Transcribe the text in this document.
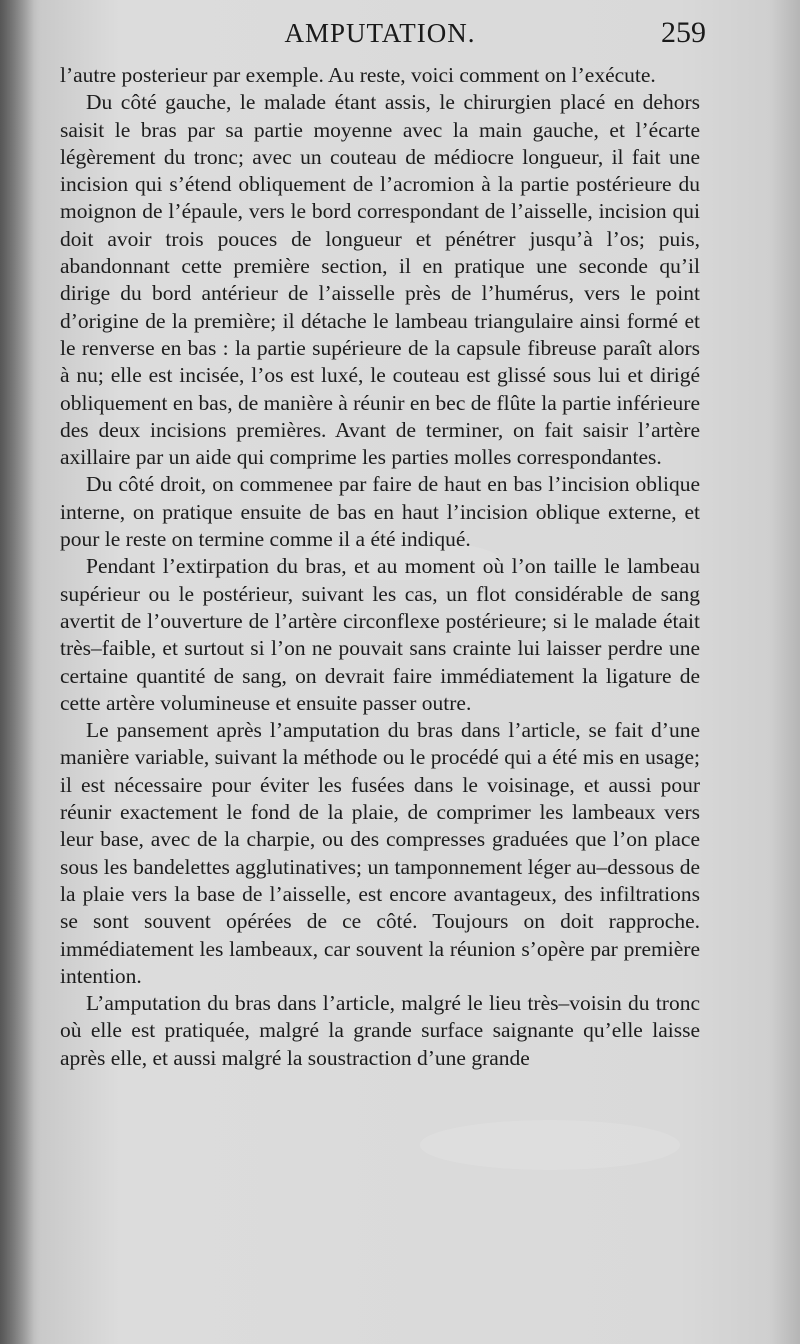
AMPUTATION.	259

l’autre posterieur par exemple. Au reste, voici comment on l’exécute.

Du côté gauche, le malade étant assis, le chirurgien placé en dehors saisit le bras par sa partie moyenne avec la main gauche, et l’écarte légèrement du tronc; avec un couteau de médiocre longueur, il fait une incision qui s’étend obliquement de l’acromion à la partie postérieure du moignon de l’épaule, vers le bord correspondant de l’aisselle, incision qui doit avoir trois pouces de longueur et pénétrer jusqu’à l’os; puis, abandonnant cette première section, il en pratique une seconde qu’il dirige du bord antérieur de l’aisselle près de l’humérus, vers le point d’origine de la première; il détache le lambeau triangulaire ainsi formé et le renverse en bas : la partie supérieure de la capsule fibreuse paraît alors à nu; elle est incisée, l’os est luxé, le couteau est glissé sous lui et dirigé obliquement en bas, de manière à réunir en bec de flûte la partie inférieure des deux incisions premières. Avant de terminer, on fait saisir l’artère axillaire par un aide qui comprime les parties molles correspondantes.

Du côté droit, on commenee par faire de haut en bas l’incision oblique interne, on pratique ensuite de bas en haut l’incision oblique externe, et pour le reste on termine comme il a été indiqué.

Pendant l’extirpation du bras, et au moment où l’on taille le lambeau supérieur ou le postérieur, suivant les cas, un flot considérable de sang avertit de l’ouverture de l’artère circonflexe postérieure; si le malade était très–faible, et surtout si l’on ne pouvait sans crainte lui laisser perdre une certaine quantité de sang, on devrait faire immédiatement la ligature de cette artère volumineuse et ensuite passer outre.

Le pansement après l’amputation du bras dans l’article, se fait d’une manière variable, suivant la méthode ou le procédé qui a été mis en usage; il est nécessaire pour éviter les fusées dans le voisinage, et aussi pour réunir exactement le fond de la plaie, de comprimer les lambeaux vers leur base, avec de la charpie, ou des compresses graduées que l’on place sous les bandelettes agglutinatives; un tamponnement léger au–dessous de la plaie vers la base de l’aisselle, est encore avantageux, des infiltrations se sont souvent opérées de ce côté. Toujours on doit rapproche. immédiatement les lambeaux, car souvent la réunion s’opère par première intention.

L’amputation du bras dans l’article, malgré le lieu très–voisin du tronc où elle est pratiquée, malgré la grande surface saignante qu’elle laisse après elle, et aussi malgré la soustraction d’une grande
